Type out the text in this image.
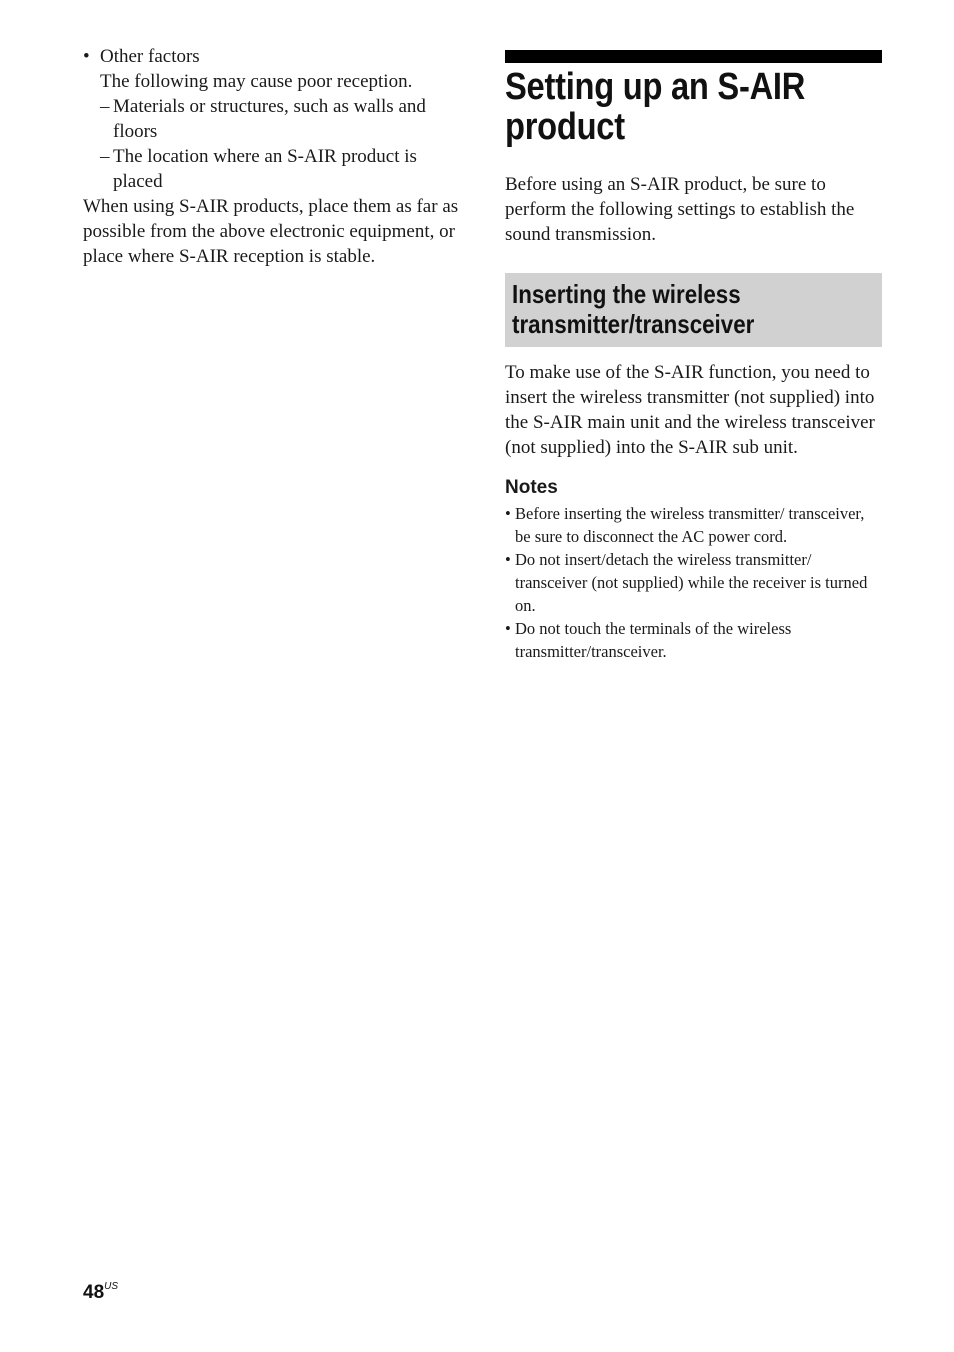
• Other factors
The following may cause poor reception.
– Materials or structures, such as walls and floors
– The location where an S-AIR product is placed

When using S-AIR products, place them as far as possible from the above electronic equipment, or place where S-AIR reception is stable.

Setting up an S-AIR product

Before using an S-AIR product, be sure to perform the following settings to establish the sound transmission.

Inserting the wireless transmitter/transceiver

To make use of the S-AIR function, you need to insert the wireless transmitter (not supplied) into the S-AIR main unit and the wireless transceiver (not supplied) into the S-AIR sub unit.

Notes
• Before inserting the wireless transmitter/ transceiver, be sure to disconnect the AC power cord.
• Do not insert/detach the wireless transmitter/ transceiver (not supplied) while the receiver is turned on.
• Do not touch the terminals of the wireless transmitter/transceiver.
$48^{US}$
